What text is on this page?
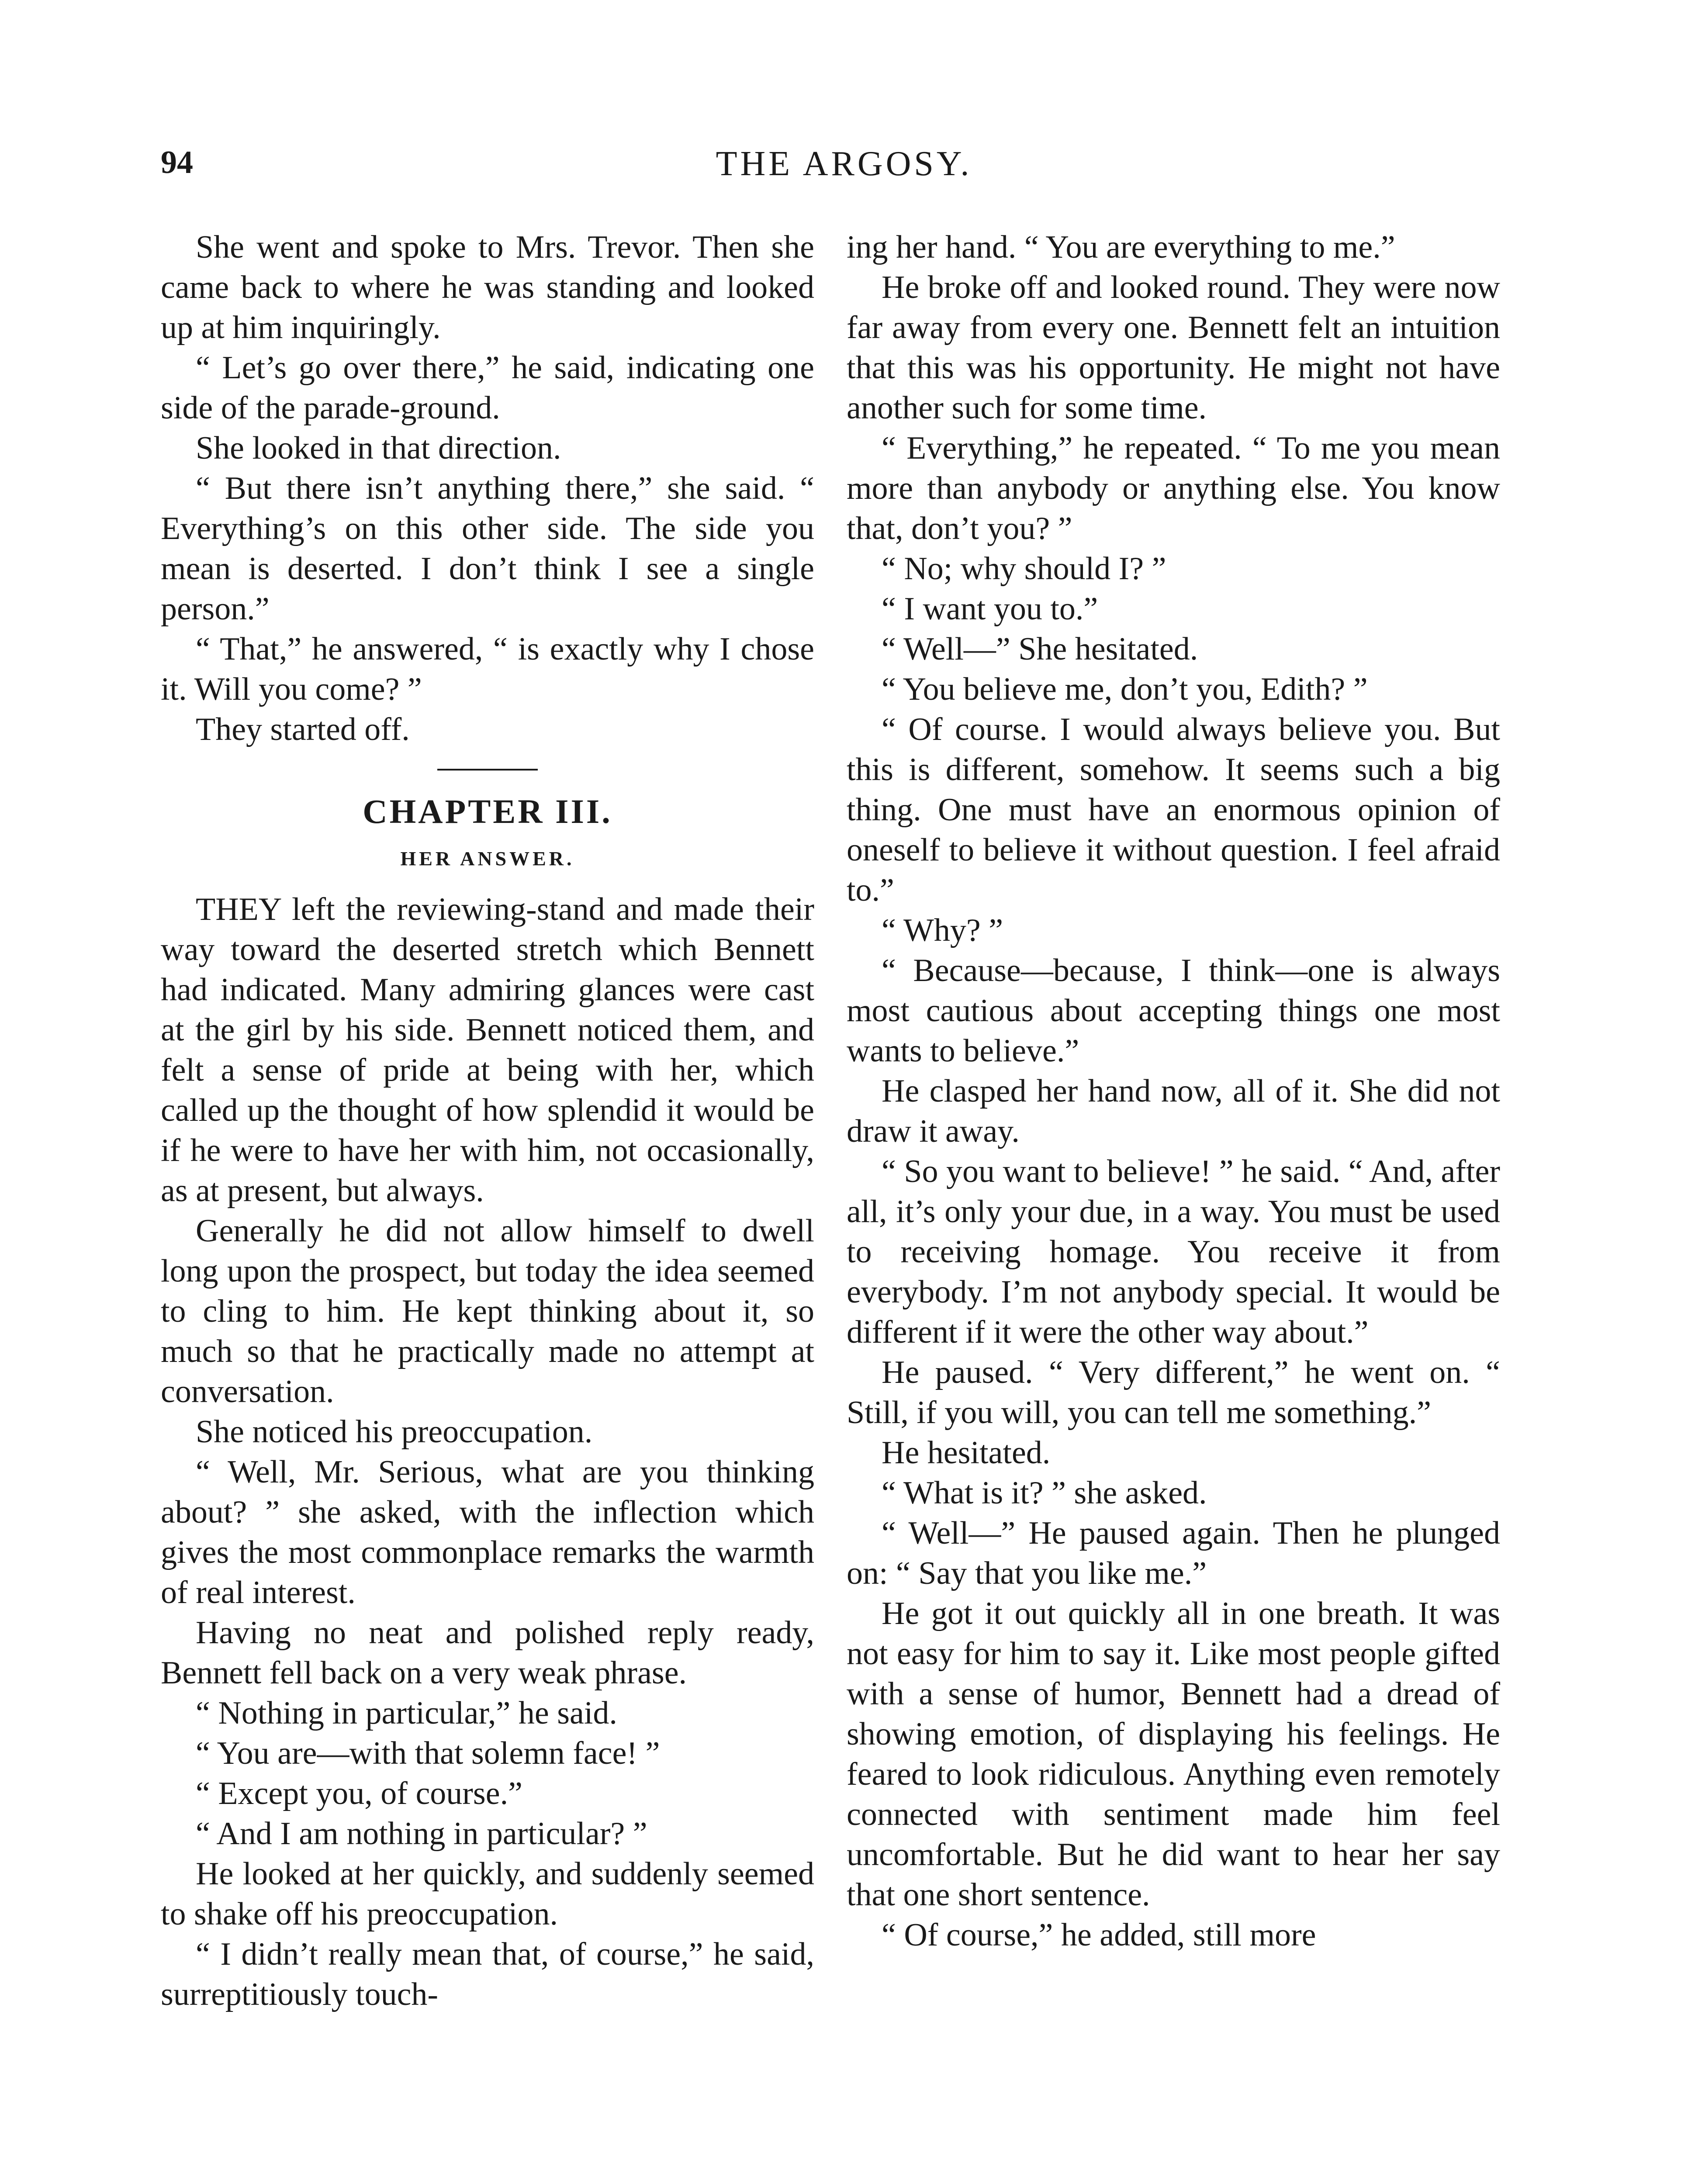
94	THE ARGOSY.

She went and spoke to Mrs. Trevor. Then she came back to where he was standing and looked up at him inquiringly.

“ Let’s go over there,” he said, indicating one side of the parade-ground.

She looked in that direction.

“ But there isn’t anything there,” she said. “ Everything’s on this other side. The side you mean is deserted. I don’t think I see a single person.”

“ That,” he answered, “ is exactly why I chose it. Will you come? ”

They started off.

CHAPTER III.
HER ANSWER.

THEY left the reviewing-stand and made their way toward the deserted stretch which Bennett had indicated. Many admiring glances were cast at the girl by his side. Bennett noticed them, and felt a sense of pride at being with her, which called up the thought of how splendid it would be if he were to have her with him, not occasionally, as at present, but always.

Generally he did not allow himself to dwell long upon the prospect, but today the idea seemed to cling to him. He kept thinking about it, so much so that he practically made no attempt at conversation.

She noticed his preoccupation.

“ Well, Mr. Serious, what are you thinking about? ” she asked, with the inflection which gives the most commonplace remarks the warmth of real interest.

Having no neat and polished reply ready, Bennett fell back on a very weak phrase.

“ Nothing in particular,” he said.

“ You are—with that solemn face! ”

“ Except you, of course.”

“ And I am nothing in particular? ”

He looked at her quickly, and suddenly seemed to shake off his preoccupation.

“ I didn’t really mean that, of course,” he said, surreptitiously touch-

ing her hand. “ You are everything to me.”

He broke off and looked round. They were now far away from every one. Bennett felt an intuition that this was his opportunity. He might not have another such for some time.

“ Everything,” he repeated. “ To me you mean more than anybody or anything else. You know that, don’t you? ”

“ No; why should I? ”

“ I want you to.”

“ Well—” She hesitated.

“ You believe me, don’t you, Edith? ”

“ Of course. I would always believe you. But this is different, somehow. It seems such a big thing. One must have an enormous opinion of oneself to believe it without question. I feel afraid to.”

“ Why? ”

“ Because—because, I think—one is always most cautious about accepting things one most wants to believe.”

He clasped her hand now, all of it. She did not draw it away.

“ So you want to believe! ” he said. “ And, after all, it’s only your due, in a way. You must be used to receiving homage. You receive it from everybody. I’m not anybody special. It would be different if it were the other way about.”

He paused. “ Very different,” he went on. “ Still, if you will, you can tell me something.”

He hesitated.

“ What is it? ” she asked.

“ Well—” He paused again. Then he plunged on: “ Say that you like me.”

He got it out quickly all in one breath. It was not easy for him to say it. Like most people gifted with a sense of humor, Bennett had a dread of showing emotion, of displaying his feelings. He feared to look ridiculous. Anything even remotely connected with sentiment made him feel uncomfortable. But he did want to hear her say that one short sentence.

“ Of course,” he added, still more
